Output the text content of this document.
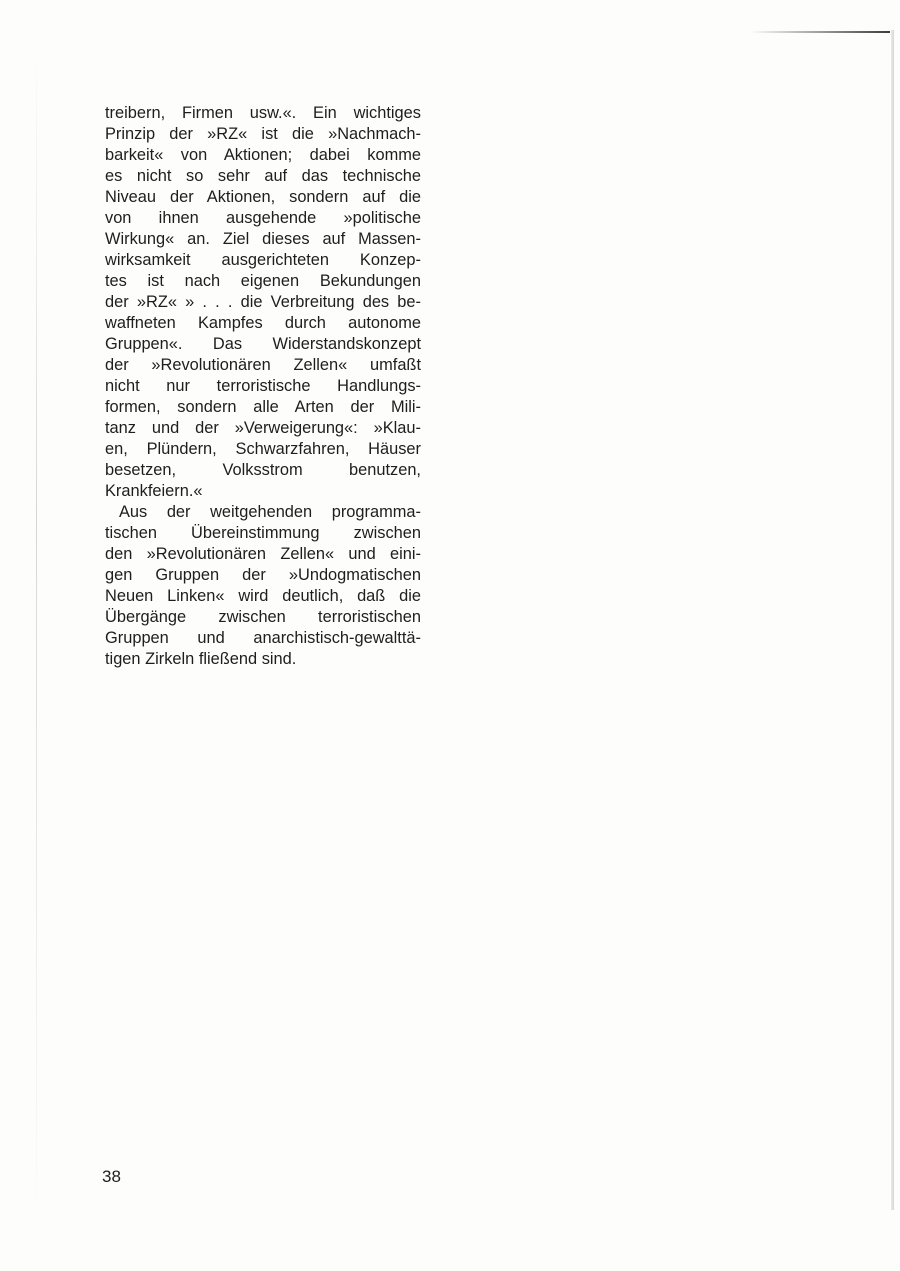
treibern, Firmen usw.«. Ein wichtiges
Prinzip der »RZ« ist die »Nachmach-
barkeit« von Aktionen; dabei komme
es nicht so sehr auf das technische
Niveau der Aktionen, sondern auf die
von ihnen ausgehende »politische
Wirkung« an. Ziel dieses auf Massen-
wirksamkeit ausgerichteten Konzep-
tes ist nach eigenen Bekundungen
der »RZ« » . . . die Verbreitung des be-
waffneten Kampfes durch autonome
Gruppen«. Das Widerstandskonzept
der »Revolutionären Zellen« umfaßt
nicht nur terroristische Handlungs-
formen, sondern alle Arten der Mili-
tanz und der »Verweigerung«: »Klau-
en, Plündern, Schwarzfahren, Häuser
besetzen, Volksstrom benutzen,
Krankfeiern.«
Aus der weitgehenden programma-
tischen Übereinstimmung zwischen
den »Revolutionären Zellen« und eini-
gen Gruppen der »Undogmatischen
Neuen Linken« wird deutlich, daß die
Übergänge zwischen terroristischen
Gruppen und anarchistisch-gewalttä-
tigen Zirkeln fließend sind.
38
